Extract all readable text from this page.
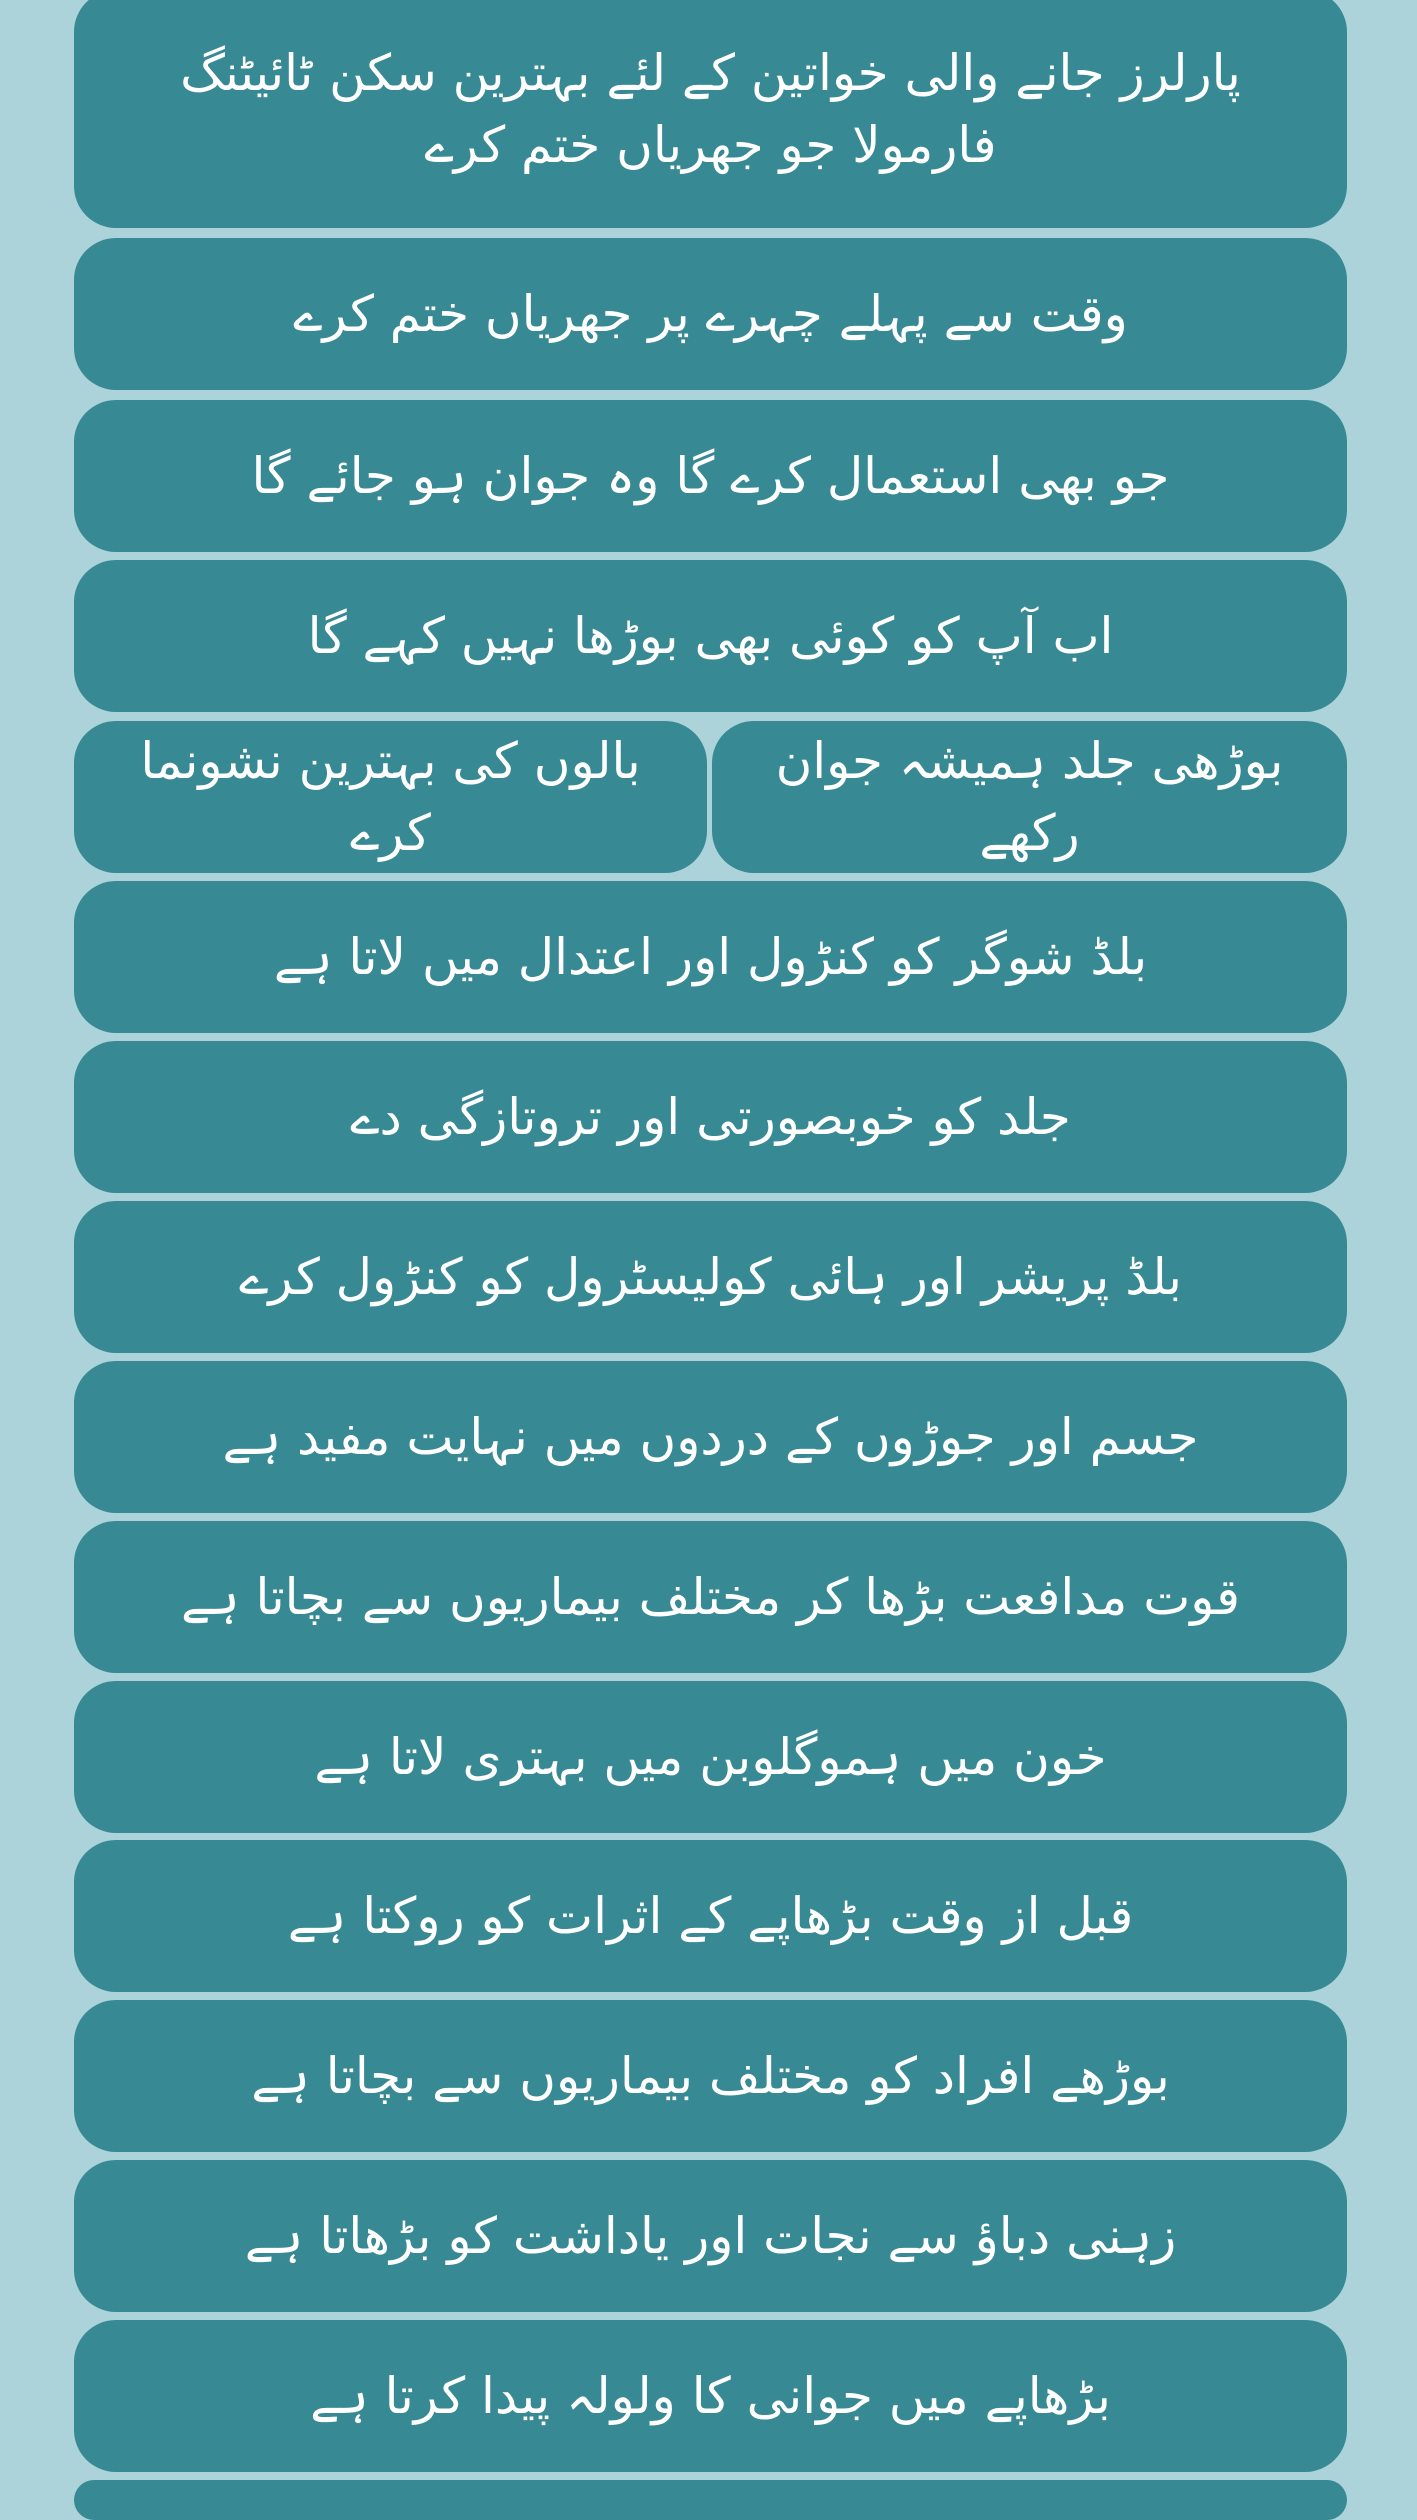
پارلرز جانے والی خواتین کے لئے بہترین سکن ٹائیٹنگ فارمولا جو جھریاں ختم کرے
وقت سے پہلے چہرے پر جھریاں ختم کرے
جو بھی استعمال کرے گا وہ جوان ہو جائے گا
اب آپ کو کوئی بھی بوڑھا نہیں کہے گا
بوڑھی جلد ہمیشہ جوان رکھے
بالوں کی بہترین نشونما کرے
بلڈ شوگر کو کنڑول اور اعتدال میں لاتا ہے
جلد کو خوبصورتی اور تروتازگی دے
بلڈ پریشر اور ہائی کولیسٹرول کو کنڑول کرے
جسم اور جوڑوں کے دردوں میں نہایت مفید ہے
قوت مدافعت بڑھا کر مختلف بیماریوں سے بچاتا ہے
خون میں ہموگلوبن میں بہتری لاتا ہے
قبل از وقت بڑھاپے کے اثرات کو روکتا ہے
بوڑھے افراد کو مختلف بیماریوں سے بچاتا ہے
زہنی دباؤ سے نجات اور یاداشت کو بڑھاتا ہے
بڑھاپے میں جوانی کا ولولہ پیدا کرتا ہے
